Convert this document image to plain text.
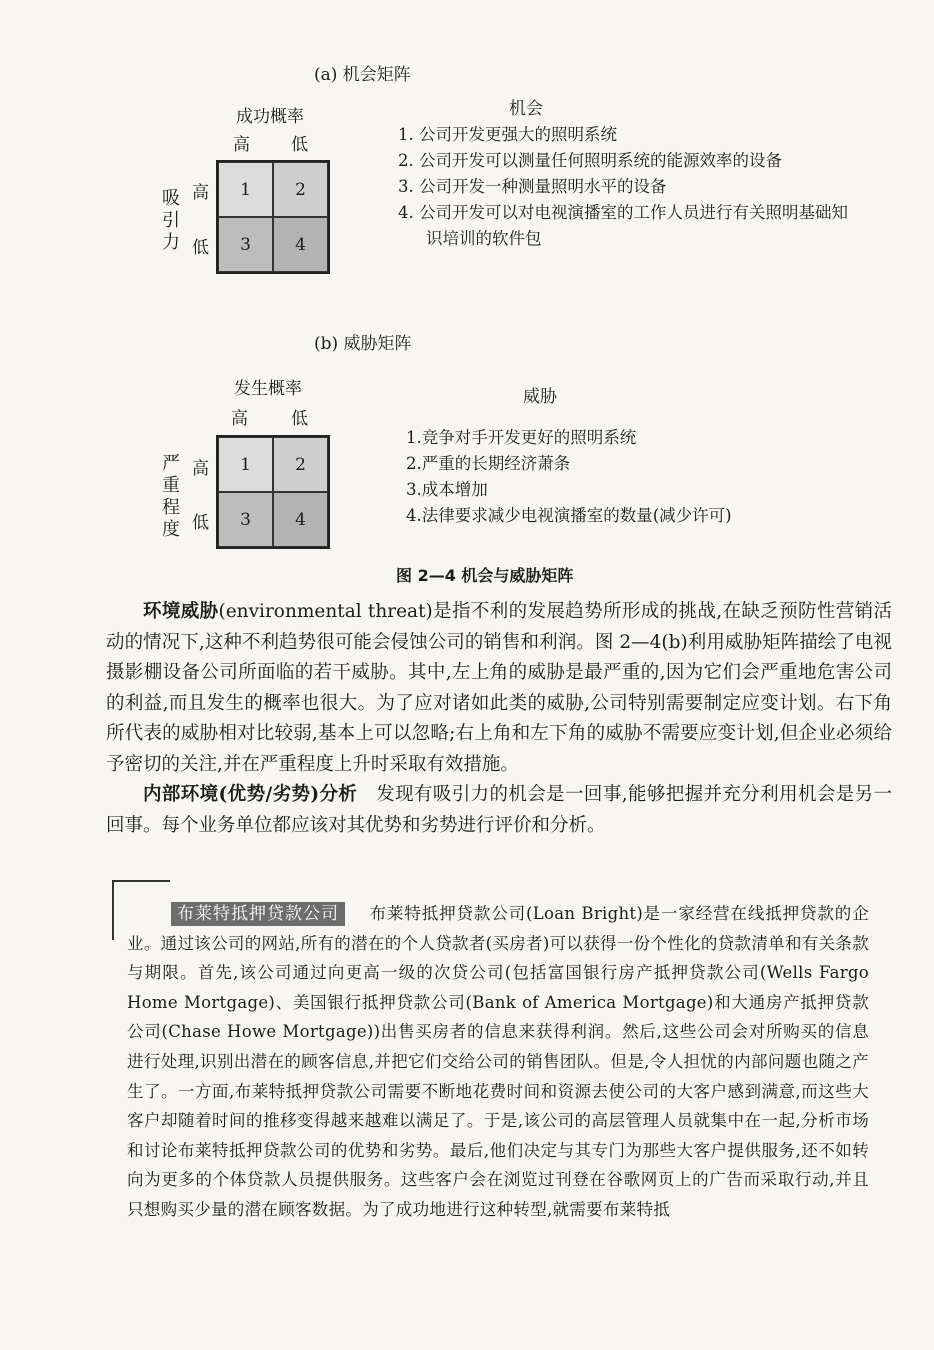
(a) 机会矩阵
成功概率
高 低
吸引力
高
低
1	2
3	4
机会
1. 公司开发更强大的照明系统
2. 公司开发可以测量任何照明系统的能源效率的设备
3. 公司开发一种测量照明水平的设备
4. 公司开发可以对电视演播室的工作人员进行有关照明基础知识培训的软件包
(b) 威胁矩阵
发生概率
高	低
严重程度
高
低
1	2
3	4
威胁
1.竞争对手开发更好的照明系统
2.严重的长期经济萧条
3.成本增加
4.法律要求减少电视演播室的数量(减少许可)
图 2—4 机会与威胁矩阵

环境威胁(environmental threat)是指不利的发展趋势所形成的挑战,在缺乏预防性营销活动的情况下,这种不利趋势很可能会侵蚀公司的销售和利润。图 2—4(b)利用威胁矩阵描绘了电视摄影棚设备公司所面临的若干威胁。其中,左上角的威胁是最严重的,因为它们会严重地危害公司的利益,而且发生的概率也很大。为了应对诸如此类的威胁,公司特别需要制定应变计划。右下角所代表的威胁相对比较弱,基本上可以忽略;右上角和左下角的威胁不需要应变计划,但企业必须给予密切的关注,并在严重程度上升时采取有效措施。

内部环境(优势/劣势)分析　 发现有吸引力的机会是一回事,能够把握并充分利用机会是另一回事。每个业务单位都应该对其优势和劣势进行评价和分析。

布莱特抵押贷款公司 布莱特抵押贷款公司(Loan Bright)是一家经营在线抵押贷款的企业。通过该公司的网站,所有的潜在的个人贷款者(买房者)可以获得一份个性化的贷款清单和有关条款与期限。首先,该公司通过向更高一级的次贷公司(包括富国银行房产抵押贷款公司(Wells Fargo Home Mortgage)、美国银行抵押贷款公司(Bank of America Mortgage)和大通房产抵押贷款公司(Chase Howe Mortgage))出售买房者的信息来获得利润。然后,这些公司会对所购买的信息进行处理,识别出潜在的顾客信息,并把它们交给公司的销售团队。但是,令人担忧的内部问题也随之产生了。一方面,布莱特抵押贷款公司需要不断地花费时间和资源去使公司的大客户感到满意,而这些大客户却随着时间的推移变得越来越难以满足了。于是,该公司的高层管理人员就集中在一起,分析市场和讨论布莱特抵押贷款公司的优势和劣势。最后,他们决定与其专门为那些大客户提供服务,还不如转向为更多的个体贷款人员提供服务。这些客户会在浏览过刊登在谷歌网页上的广告而采取行动,并且只想购买少量的潜在顾客数据。为了成功地进行这种转型,就需要布莱特抵
